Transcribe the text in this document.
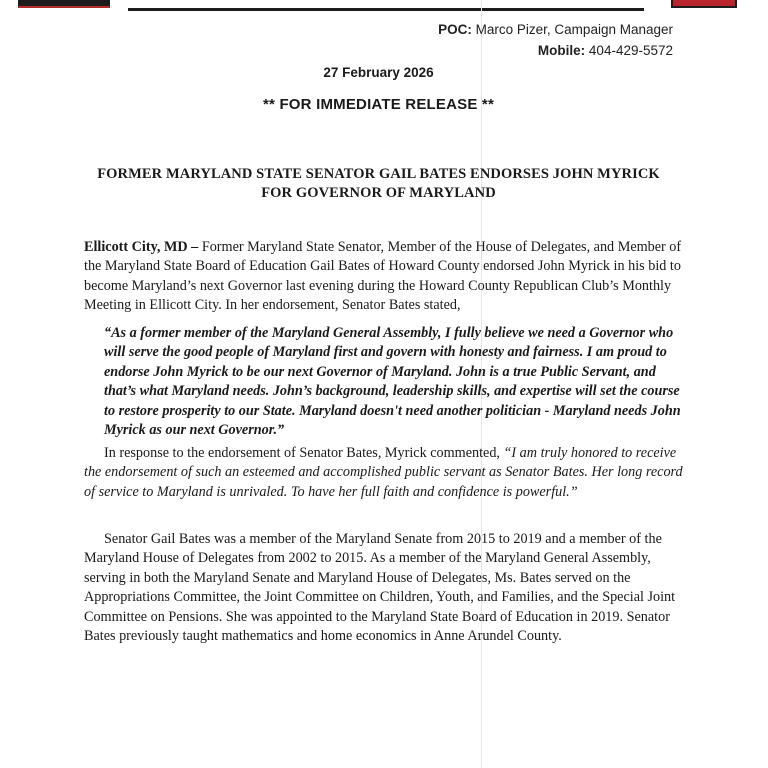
POC: Marco Pizer, Campaign Manager
Mobile: 404-429-5572
27 February 2026
** FOR IMMEDIATE RELEASE **
FORMER MARYLAND STATE SENATOR GAIL BATES ENDORSES JOHN MYRICK
FOR GOVERNOR OF MARYLAND

Ellicott City, MD – Former Maryland State Senator, Member of the House of Delegates, and Member of the Maryland State Board of Education Gail Bates of Howard County endorsed John Myrick in his bid to become Maryland’s next Governor last evening during the Howard County Republican Club’s Monthly Meeting in Ellicott City. In her endorsement, Senator Bates stated,

“As a former member of the Maryland General Assembly, I fully believe we need a Governor who will serve the good people of Maryland first and govern with honesty and fairness. I am proud to endorse John Myrick to be our next Governor of Maryland. John is a true Public Servant, and that’s what Maryland needs. John’s background, leadership skills, and expertise will set the course to restore prosperity to our State. Maryland doesn't need another politician - Maryland needs John Myrick as our next Governor.”

In response to the endorsement of Senator Bates, Myrick commented, “I am truly honored to receive the endorsement of such an esteemed and accomplished public servant as Senator Bates. Her long record of service to Maryland is unrivaled. To have her full faith and confidence is powerful.”

Senator Gail Bates was a member of the Maryland Senate from 2015 to 2019 and a member of the Maryland House of Delegates from 2002 to 2015. As a member of the Maryland General Assembly, serving in both the Maryland Senate and Maryland House of Delegates, Ms. Bates served on the Appropriations Committee, the Joint Committee on Children, Youth, and Families, and the Special Joint Committee on Pensions. She was appointed to the Maryland State Board of Education in 2019. Senator Bates previously taught mathematics and home economics in Anne Arundel County.
